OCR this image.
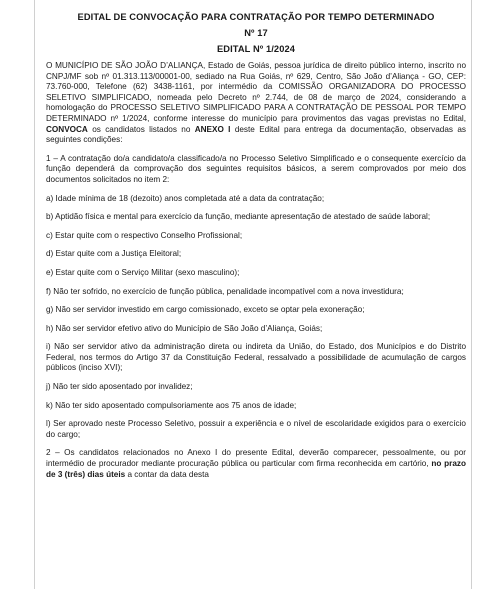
EDITAL DE CONVOCAÇÃO PARA CONTRATAÇÃO POR TEMPO DETERMINADO
Nº 17
EDITAL Nº 1/2024

O MUNICÍPIO DE SÃO JOÃO D’ALIANÇA, Estado de Goiás, pessoa jurídica de direito público interno, inscrito no CNPJ/MF sob nº 01.313.113/00001-00, sediado na Rua Goiás, nº 629, Centro, São João d’Aliança - GO, CEP: 73.760-000, Telefone (62) 3438-1161, por intermédio da COMISSÃO ORGANIZADORA DO PROCESSO SELETIVO SIMPLIFICADO, nomeada pelo Decreto nº 2.744, de 08 de março de 2024, considerando a homologação do PROCESSO SELETIVO SIMPLIFICADO PARA A CONTRATAÇÃO DE PESSOAL POR TEMPO DETERMINADO nº 1/2024, conforme interesse do município para provimentos das vagas previstas no Edital, CONVOCA os candidatos listados no ANEXO I deste Edital para entrega da documentação, observadas as seguintes condições:

1 – A contratação do/a candidato/a classificado/a no Processo Seletivo Simplificado e o consequente exercício da função dependerá da comprovação dos seguintes requisitos básicos, a serem comprovados por meio dos documentos solicitados no item 2:

a) Idade mínima de 18 (dezoito) anos completada até a data da contratação;

b) Aptidão física e mental para exercício da função, mediante apresentação de atestado de saúde laboral;

c) Estar quite com o respectivo Conselho Profissional;

d) Estar quite com a Justiça Eleitoral;

e) Estar quite com o Serviço Militar (sexo masculino);

f) Não ter sofrido, no exercício de função pública, penalidade incompatível com a nova investidura;

g) Não ser servidor investido em cargo comissionado, exceto se optar pela exoneração;

h) Não ser servidor efetivo ativo do Município de São João d’Aliança, Goiás;

i) Não ser servidor ativo da administração direta ou indireta da União, do Estado, dos Municípios e do Distrito Federal, nos termos do Artigo 37 da Constituição Federal, ressalvado a possibilidade de acumulação de cargos públicos (inciso XVI);

j) Não ter sido aposentado por invalidez;

k) Não ter sido aposentado compulsoriamente aos 75 anos de idade;

l) Ser aprovado neste Processo Seletivo, possuir a experiência e o nível de escolaridade exigidos para o exercício do cargo;

2 – Os candidatos relacionados no Anexo I do presente Edital, deverão comparecer, pessoalmente, ou por intermédio de procurador mediante procuração pública ou particular com firma reconhecida em cartório, no prazo de 3 (três) dias úteis a contar da data desta
